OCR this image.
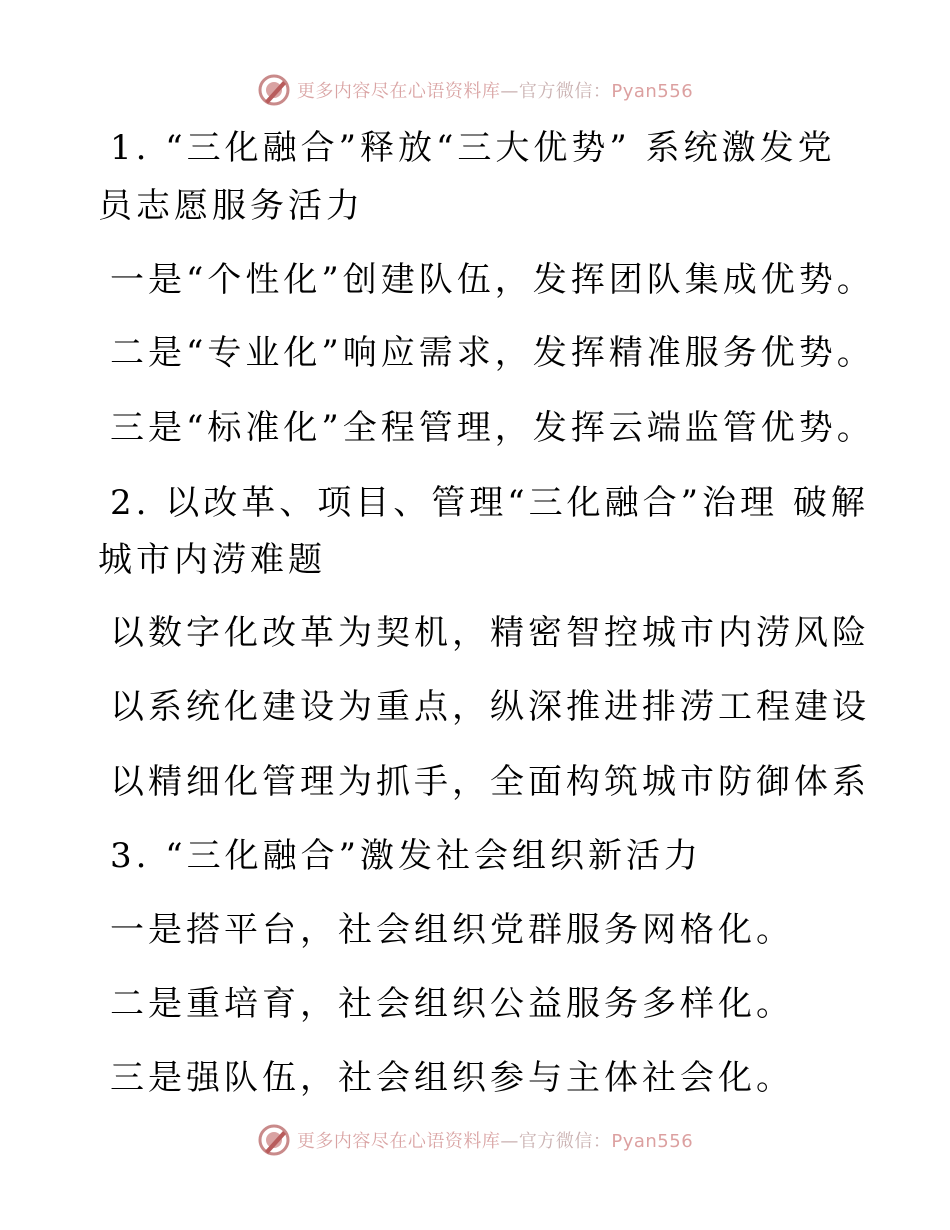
更多内容尽在心语资料库—官方微信：Pyan556
1. “三化融合”释放“三大优势” 系统激发党
员志愿服务活力
一是“个性化”创建队伍，发挥团队集成优势。
二是“专业化”响应需求，发挥精准服务优势。
三是“标准化”全程管理，发挥云端监管优势。
2. 以改革、项目、管理“三化融合”治理 破解
城市内涝难题
以数字化改革为契机，精密智控城市内涝风险
以系统化建设为重点，纵深推进排涝工程建设
以精细化管理为抓手，全面构筑城市防御体系
3. “三化融合”激发社会组织新活力
一是搭平台，社会组织党群服务网格化。
二是重培育，社会组织公益服务多样化。
三是强队伍，社会组织参与主体社会化。
更多内容尽在心语资料库—官方微信：Pyan556
